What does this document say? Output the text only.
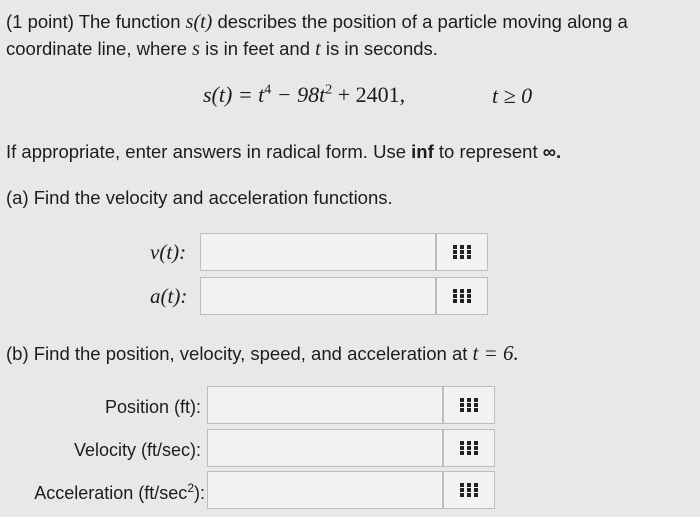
(1 point) The function s(t) describes the position of a particle moving along a
coordinate line, where s is in feet and t is in seconds.
$s(t) = t^4 - 98t^2 + 2401$,	t ≥ 0
If appropriate, enter answers in radical form. Use inf to represent ∞.
(a) Find the velocity and acceleration functions.
v(t):
a(t):
(b) Find the position, velocity, speed, and acceleration at t = 6.
Position (ft):
Velocity (ft/sec):
Acceleration $(ft/\sec^2)$:
